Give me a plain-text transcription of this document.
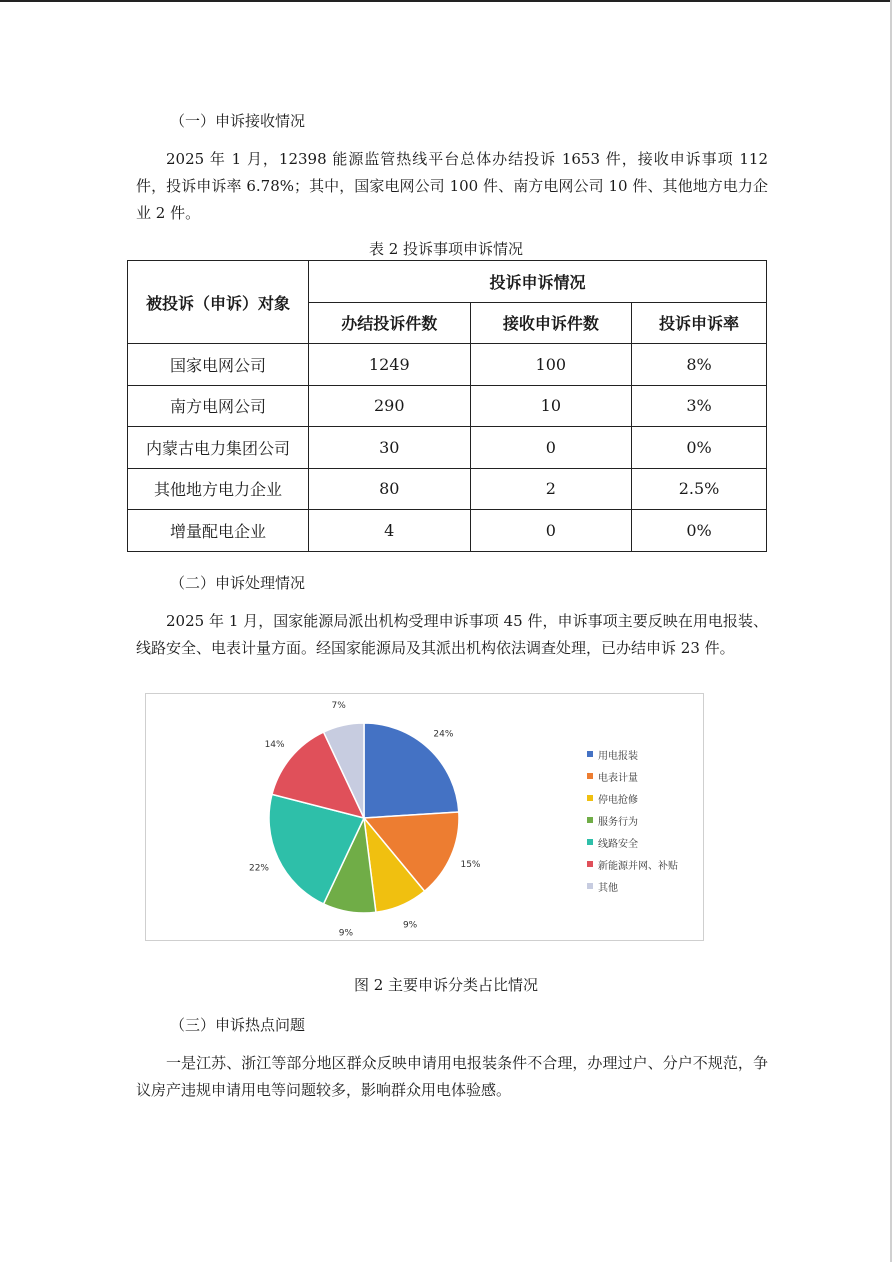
（一）申诉接收情况
2025 年 1 月，12398 能源监管热线平台总体办结投诉 1653 件，接收申诉事项 112 件，投诉申诉率 6.78%；其中，国家电网公司 100 件、南方电网公司 10 件、其他地方电力企业 2 件。
表 2 投诉事项申诉情况
被投诉（申诉）对象	投诉申诉情况		
	办结投诉件数	接收申诉件数	投诉申诉率
国家电网公司	1249	100	8%
南方电网公司	290	10	3%
内蒙古电力集团公司	30	0	0%
其他地方电力企业	80	2	2.5%
增量配电企业	4	0	0%
（二）申诉处理情况
2025 年 1 月，国家能源局派出机构受理申诉事项 45 件，申诉事项主要反映在用电报装、线路安全、电表计量方面。经国家能源局及其派出机构依法调查处理，已办结申诉 23 件。
24%
15%
9%
9%
22%
14%
7%
用电报装
电表计量
停电抢修
服务行为
线路安全
新能源并网、补贴
其他
图 2 主要申诉分类占比情况
（三）申诉热点问题
一是江苏、浙江等部分地区群众反映申请用电报装条件不合理，办理过户、分户不规范，争议房产违规申请用电等问题较多，影响群众用电体验感。
